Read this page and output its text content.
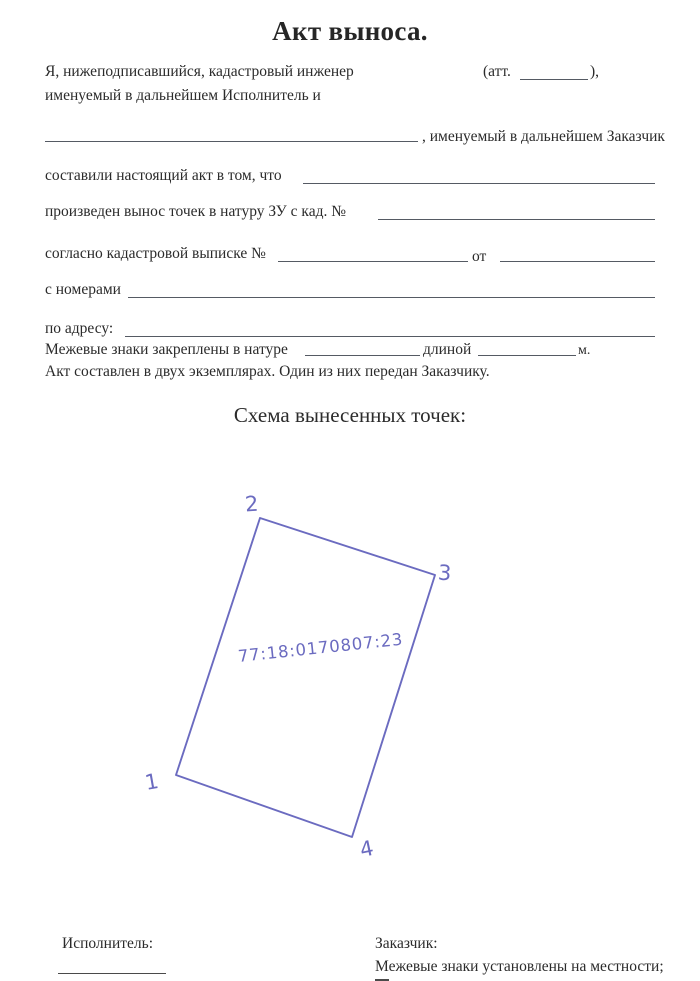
Акт выноса.
Я, нижеподписавшийся, кадастровый инженер	(атт.	),
именуемый в дальнейшем Исполнитель и
, именуемый в дальнейшем Заказчик
составили настоящий акт в том, что
произведен вынос точек в натуру ЗУ с кад. №
согласно кадастровой выписке №	от
с номерами
по адресу:
Межевые знаки закреплены в натуре	длиной	м.
Акт составлен в двух экземплярах. Один из них передан Заказчику.
Схема вынесенных точек:
1
2
3
4
77:18:0170807:23
Исполнитель:	Заказчик:
Межевые знаки установлены на местности;
